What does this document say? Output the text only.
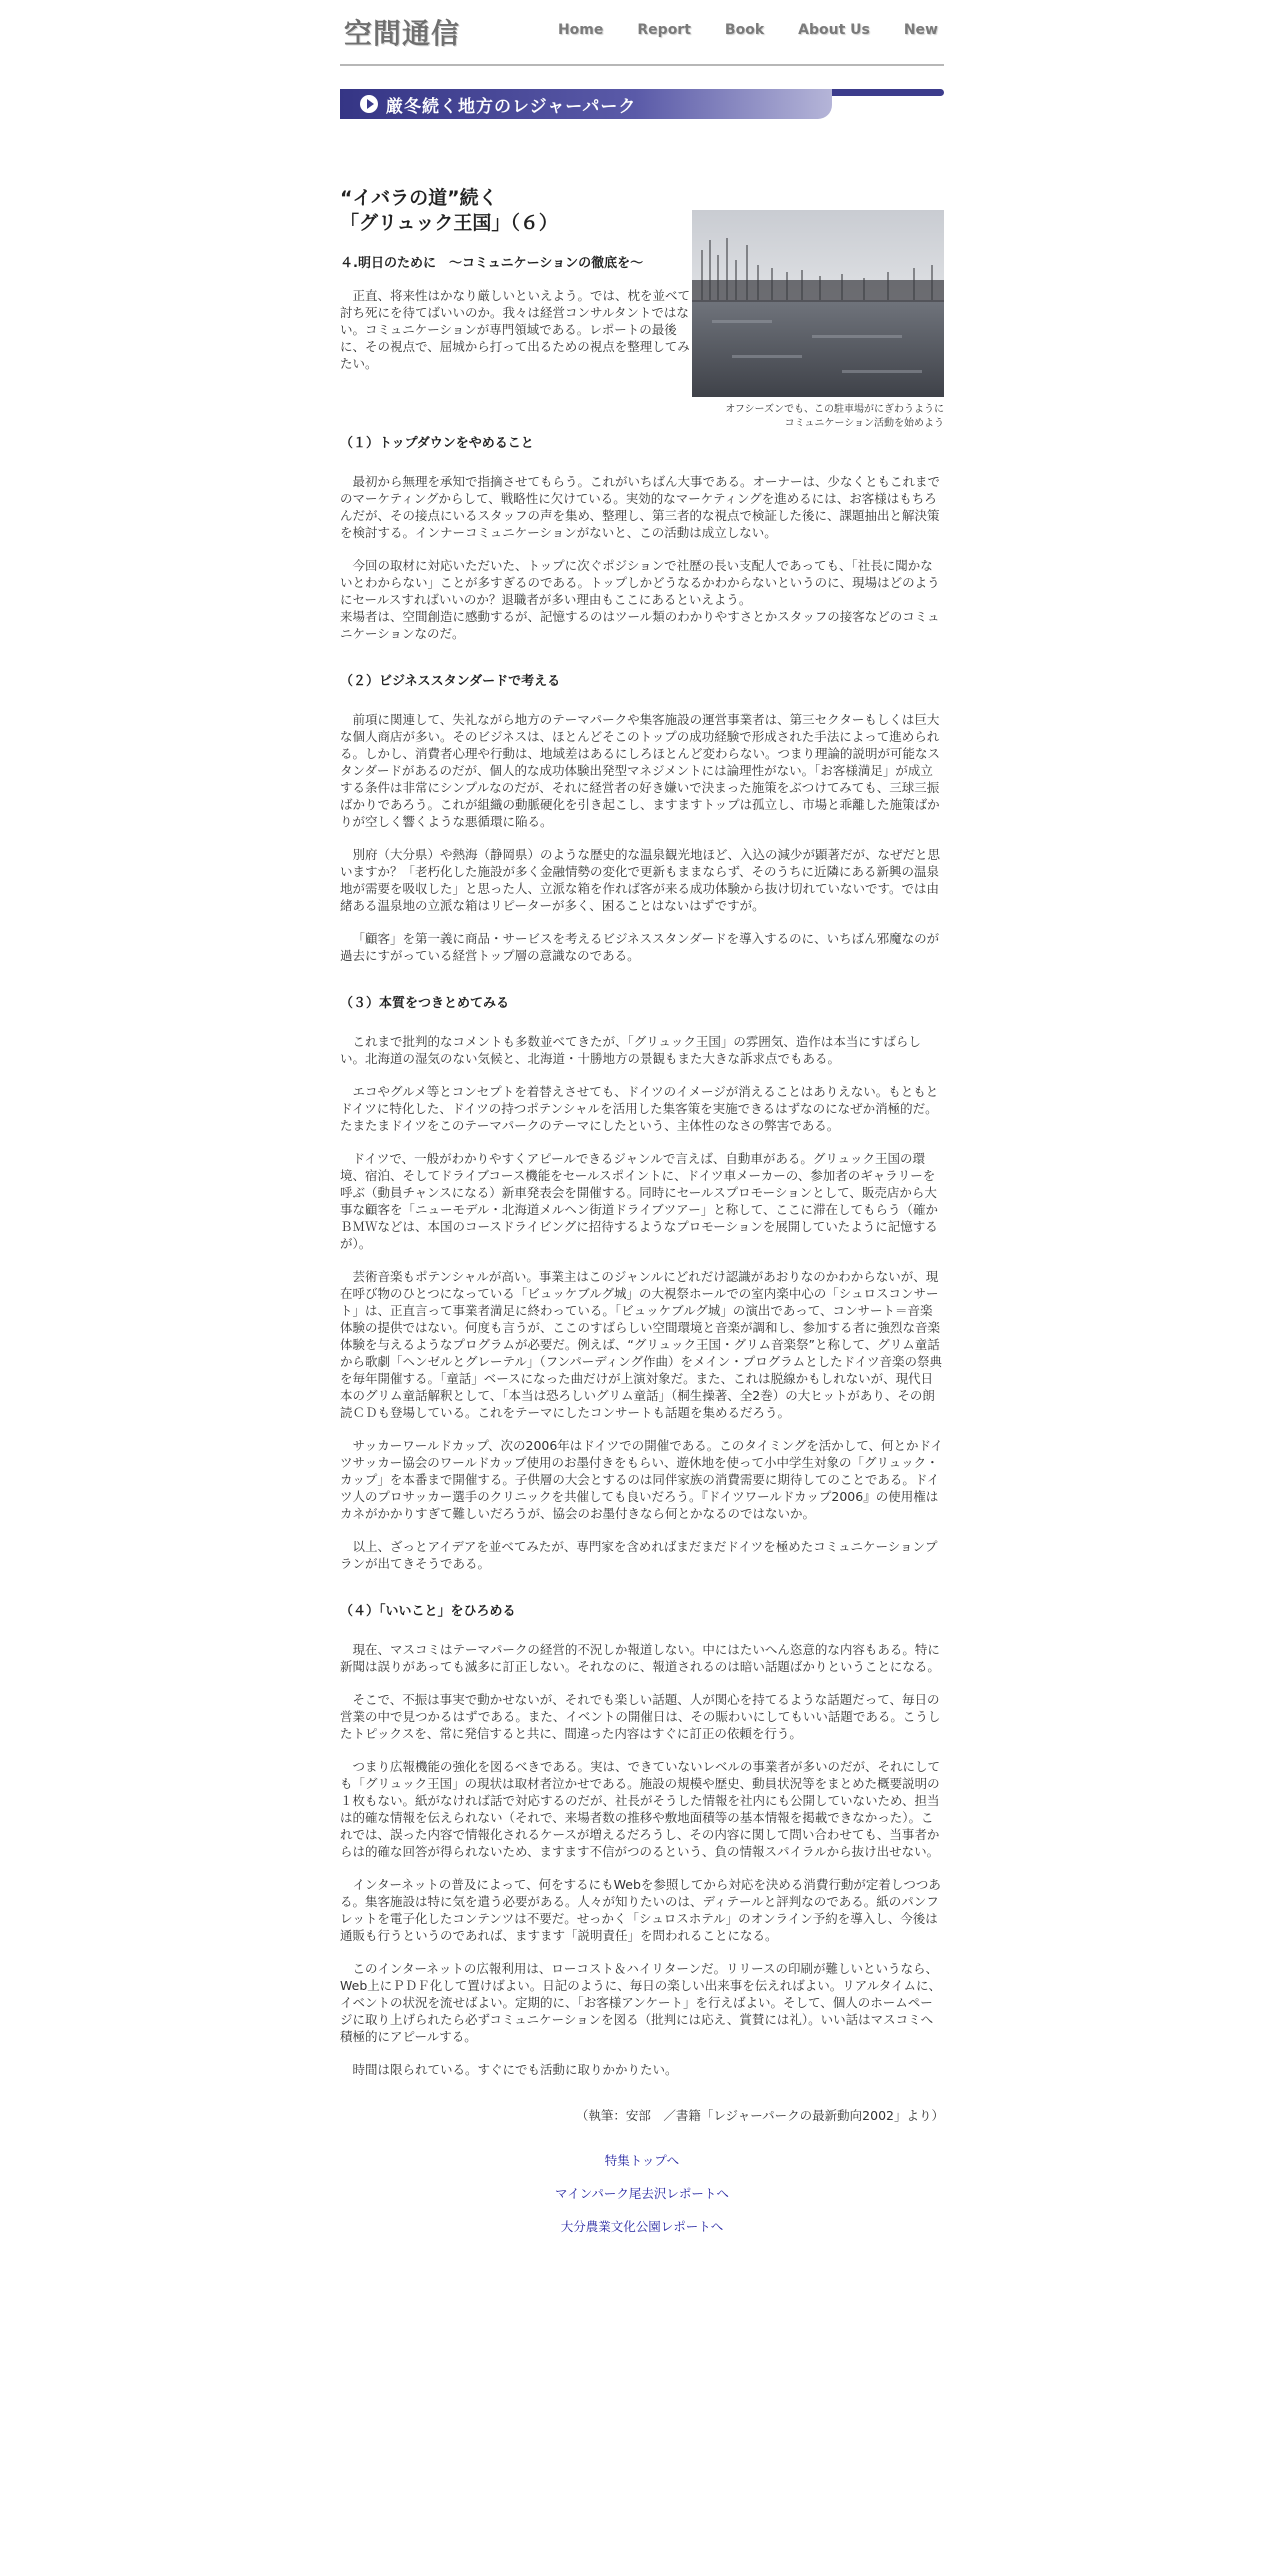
空間通信	Home Report Book About Us New
厳冬続く地方のレジャーパーク
“イバラの道”続く
「グリュック王国」（６）
オフシーズンでも、この駐車場がにぎわうように
コミュニケーション活動を始めよう

４.明日のために　～コミュニケーションの徹底を～

正直、将来性はかなり厳しいといえよう。では、枕を並べて討ち死にを待てばいいのか。我々は経営コンサルタントではない。コミュニケーションが専門領域である。レポートの最後に、その視点で、屈城から打って出るための視点を整理してみたい。

（１）トップダウンをやめること

最初から無理を承知で指摘させてもらう。これがいちばん大事である。オーナーは、少なくともこれまでのマーケティングからして、戦略性に欠けている。実効的なマーケティングを進めるには、お客様はもちろんだが、その接点にいるスタッフの声を集め、整理し、第三者的な視点で検証した後に、課題抽出と解決策を検討する。インナーコミュニケーションがないと、この活動は成立しない。

今回の取材に対応いただいた、トップに次ぐポジションで社歴の長い支配人であっても、「社長に聞かないとわからない」ことが多すぎるのである。トップしかどうなるかわからないというのに、現場はどのようにセールスすればいいのか？退職者が多い理由もここにあるといえよう。
来場者は、空間創造に感動するが、記憶するのはツール類のわかりやすさとかスタッフの接客などのコミュニケーションなのだ。

（２）ビジネススタンダードで考える

前項に関連して、失礼ながら地方のテーマパークや集客施設の運営事業者は、第三セクターもしくは巨大な個人商店が多い。そのビジネスは、ほとんどそこのトップの成功経験で形成された手法によって進められる。しかし、消費者心理や行動は、地域差はあるにしろほとんど変わらない。つまり理論的説明が可能なスタンダードがあるのだが、個人的な成功体験出発型マネジメントには論理性がない。「お客様満足」が成立する条件は非常にシンプルなのだが、それに経営者の好き嫌いで決まった施策をぶつけてみても、三球三振ばかりであろう。これが組織の動脈硬化を引き起こし、ますますトップは孤立し、市場と乖離した施策ばかりが空しく響くような悪循環に陥る。

別府（大分県）や熱海（静岡県）のような歴史的な温泉観光地ほど、入込の減少が顕著だが、なぜだと思いますか？「老朽化した施設が多く金融情勢の変化で更新もままならず、そのうちに近隣にある新興の温泉地が需要を吸収した」と思った人、立派な箱を作れば客が来る成功体験から抜け切れていないです。では由緒ある温泉地の立派な箱はリピーターが多く、困ることはないはずですが。

「顧客」を第一義に商品・サービスを考えるビジネススタンダードを導入するのに、いちばん邪魔なのが過去にすがっている経営トップ層の意識なのである。

（３）本質をつきとめてみる

これまで批判的なコメントも多数並べてきたが、「グリュック王国」の雰囲気、造作は本当にすばらしい。北海道の湿気のない気候と、北海道・十勝地方の景観もまた大きな訴求点でもある。

エコやグルメ等とコンセプトを着替えさせても、ドイツのイメージが消えることはありえない。もともとドイツに特化した、ドイツの持つポテンシャルを活用した集客策を実施できるはずなのになぜか消極的だ。たまたまドイツをこのテーマパークのテーマにしたという、主体性のなさの弊害である。

ドイツで、一般がわかりやすくアピールできるジャンルで言えば、自動車がある。グリュック王国の環境、宿泊、そしてドライブコース機能をセールスポイントに、ドイツ車メーカーの、参加者のギャラリーを呼ぶ（動員チャンスになる）新車発表会を開催する。同時にセールスプロモーションとして、販売店から大事な顧客を「ニューモデル・北海道メルヘン街道ドライブツアー」と称して、ここに滞在してもらう（確かＢＭＷなどは、本国のコースドライビングに招待するようなプロモーションを展開していたように記憶するが）。

芸術音楽もポテンシャルが高い。事業主はこのジャンルにどれだけ認識があおりなのかわからないが、現在呼び物のひとつになっている「ビュッケブルグ城」の大視祭ホールでの室内楽中心の「シュロスコンサート」は、正直言って事業者満足に終わっている。「ビュッケブルグ城」の演出であって、コンサート＝音楽体験の提供ではない。何度も言うが、ここのすばらしい空間環境と音楽が調和し、参加する者に強烈な音楽体験を与えるようなプログラムが必要だ。例えば、“グリュック王国・グリム音楽祭”と称して、グリム童話から歌劇「ヘンゼルとグレーテル」（フンパーディング作曲）をメイン・プログラムとしたドイツ音楽の祭典を毎年開催する。「童話」ベースになった曲だけが上演対象だ。また、これは脱線かもしれないが、現代日本のグリム童話解釈として、「本当は恐ろしいグリム童話」（桐生操著、全2巻）の大ヒットがあり、その朗読ＣＤも登場している。これをテーマにしたコンサートも話題を集めるだろう。

サッカーワールドカップ、次の2006年はドイツでの開催である。このタイミングを活かして、何とかドイツサッカー協会のワールドカップ使用のお墨付きをもらい、遊休地を使って小中学生対象の「グリュック・カップ」を本番まで開催する。子供層の大会とするのは同伴家族の消費需要に期待してのことである。ドイツ人のプロサッカー選手のクリニックを共催しても良いだろう。『ドイツワールドカップ2006』の使用権はカネがかかりすぎて難しいだろうが、協会のお墨付きなら何とかなるのではないか。

以上、ざっとアイデアを並べてみたが、専門家を含めればまだまだドイツを極めたコミュニケーションプランが出てきそうである。

（４）「いいこと」をひろめる

現在、マスコミはテーマパークの経営的不況しか報道しない。中にはたいへん恣意的な内容もある。特に新聞は誤りがあっても滅多に訂正しない。それなのに、報道されるのは暗い話題ばかりということになる。

そこで、不振は事実で動かせないが、それでも楽しい話題、人が関心を持てるような話題だって、毎日の営業の中で見つかるはずである。また、イベントの開催日は、その賑わいにしてもいい話題である。こうしたトピックスを、常に発信すると共に、間違った内容はすぐに訂正の依頼を行う。

つまり広報機能の強化を図るべきである。実は、できていないレベルの事業者が多いのだが、それにしても「グリュック王国」の現状は取材者泣かせである。施設の規模や歴史、動員状況等をまとめた概要説明の１枚もない。紙がなければ話で対応するのだが、社長がそうした情報を社内にも公開していないため、担当は的確な情報を伝えられない（それで、来場者数の推移や敷地面積等の基本情報を掲載できなかった）。これでは、誤った内容で情報化されるケースが増えるだろうし、その内容に関して問い合わせても、当事者からは的確な回答が得られないため、ますます不信がつのるという、負の情報スパイラルから抜け出せない。

インターネットの普及によって、何をするにもWebを参照してから対応を決める消費行動が定着しつつある。集客施設は特に気を遣う必要がある。人々が知りたいのは、ディテールと評判なのである。紙のパンフレットを電子化したコンテンツは不要だ。せっかく「シュロスホテル」のオンライン予約を導入し、今後は通販も行うというのであれば、ますます「説明責任」を問われることになる。

このインターネットの広報利用は、ローコスト＆ハイリターンだ。リリースの印刷が難しいというなら、Web上にＰＤＦ化して置けばよい。日記のように、毎日の楽しい出来事を伝えればよい。リアルタイムに、イベントの状況を流せばよい。定期的に、「お客様アンケート」を行えばよい。そして、個人のホームページに取り上げられたら必ずコミュニケーションを図る（批判には応え、賞賛には礼）。いい話はマスコミへ積極的にアピールする。

時間は限られている。すぐにでも活動に取りかかりたい。

（執筆：安部　／書籍「レジャーパークの最新動向2002」より）
特集トップへ
マインパーク尾去沢レポートへ
大分農業文化公園レポートへ
